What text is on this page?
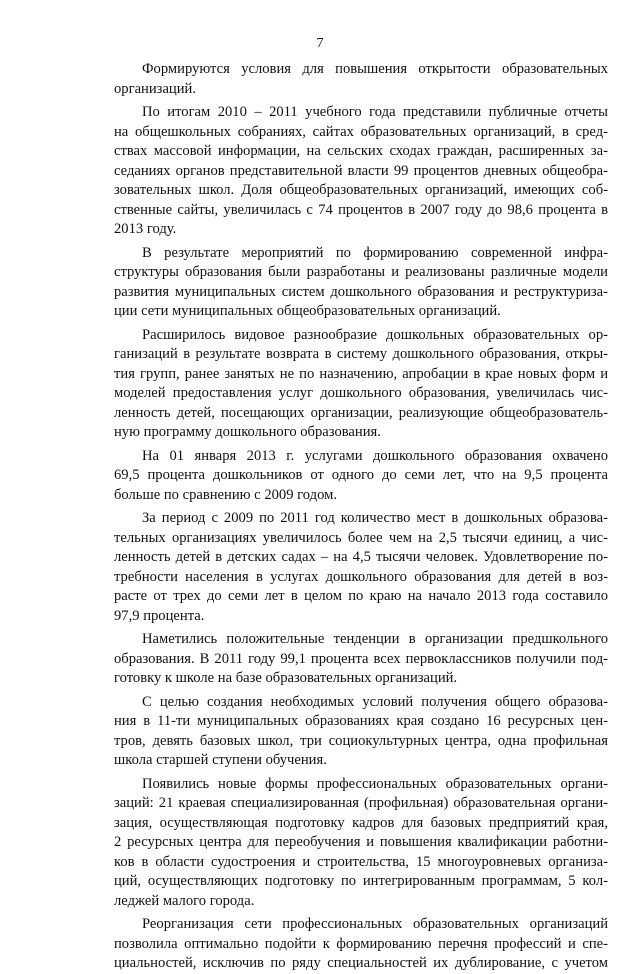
7

Формируются условия для повышения открытости образовательных
организаций.

По итогам 2010 – 2011 учебного года представили публичные отчеты
на общешкольных собраниях, сайтах образовательных организаций, в сред-
ствах массовой информации, на сельских сходах граждан, расширенных за-
седаниях органов представительной власти 99 процентов дневных общеобра-
зовательных школ. Доля общеобразовательных организаций, имеющих соб-
ственные сайты, увеличилась с 74 процентов в 2007 году до 98,6 процента в
2013 году.

В результате мероприятий по формированию современной инфра-
структуры образования были разработаны и реализованы различные модели
развития муниципальных систем дошкольного образования и реструктуриза-
ции сети муниципальных общеобразовательных организаций.

Расширилось видовое разнообразие дошкольных образовательных ор-
ганизаций в результате возврата в систему дошкольного образования, откры-
тия групп, ранее занятых не по назначению, апробации в крае новых форм и
моделей предоставления услуг дошкольного образования, увеличилась чис-
ленность детей, посещающих организации, реализующие общеобразователь-
ную программу дошкольного образования.

На 01 января 2013 г. услугами дошкольного образования охвачено
69,5 процента дошкольников от одного до семи лет, что на 9,5 процента
больше по сравнению с 2009 годом.

За период с 2009 по 2011 год количество мест в дошкольных образова-
тельных организациях увеличилось более чем на 2,5 тысячи единиц, а чис-
ленность детей в детских садах – на 4,5 тысячи человек. Удовлетворение по-
требности населения в услугах дошкольного образования для детей в воз-
расте от трех до семи лет в целом по краю на начало 2013 года составило
97,9 процента.

Наметились положительные тенденции в организации предшкольного
образования. В 2011 году 99,1 процента всех первоклассников получили под-
готовку к школе на базе образовательных организаций.

С целью создания необходимых условий получения общего образова-
ния в 11-ти муниципальных образованиях края создано 16 ресурсных цен-
тров, девять базовых школ, три социокультурных центра, одна профильная
школа старшей ступени обучения.

Появились новые формы профессиональных образовательных органи-
заций: 21 краевая специализированная (профильная) образовательная органи-
зация, осуществляющая подготовку кадров для базовых предприятий края,
2 ресурсных центра для переобучения и повышения квалификации работни-
ков в области судостроения и строительства, 15 многоуровневых организа-
ций, осуществляющих подготовку по интегрированным программам, 5 кол-
леджей малого города.

Реорганизация сети профессиональных образовательных организаций
позволила оптимально подойти к формированию перечня профессий и спе-
циальностей, исключив по ряду специальностей их дублирование, с учетом
